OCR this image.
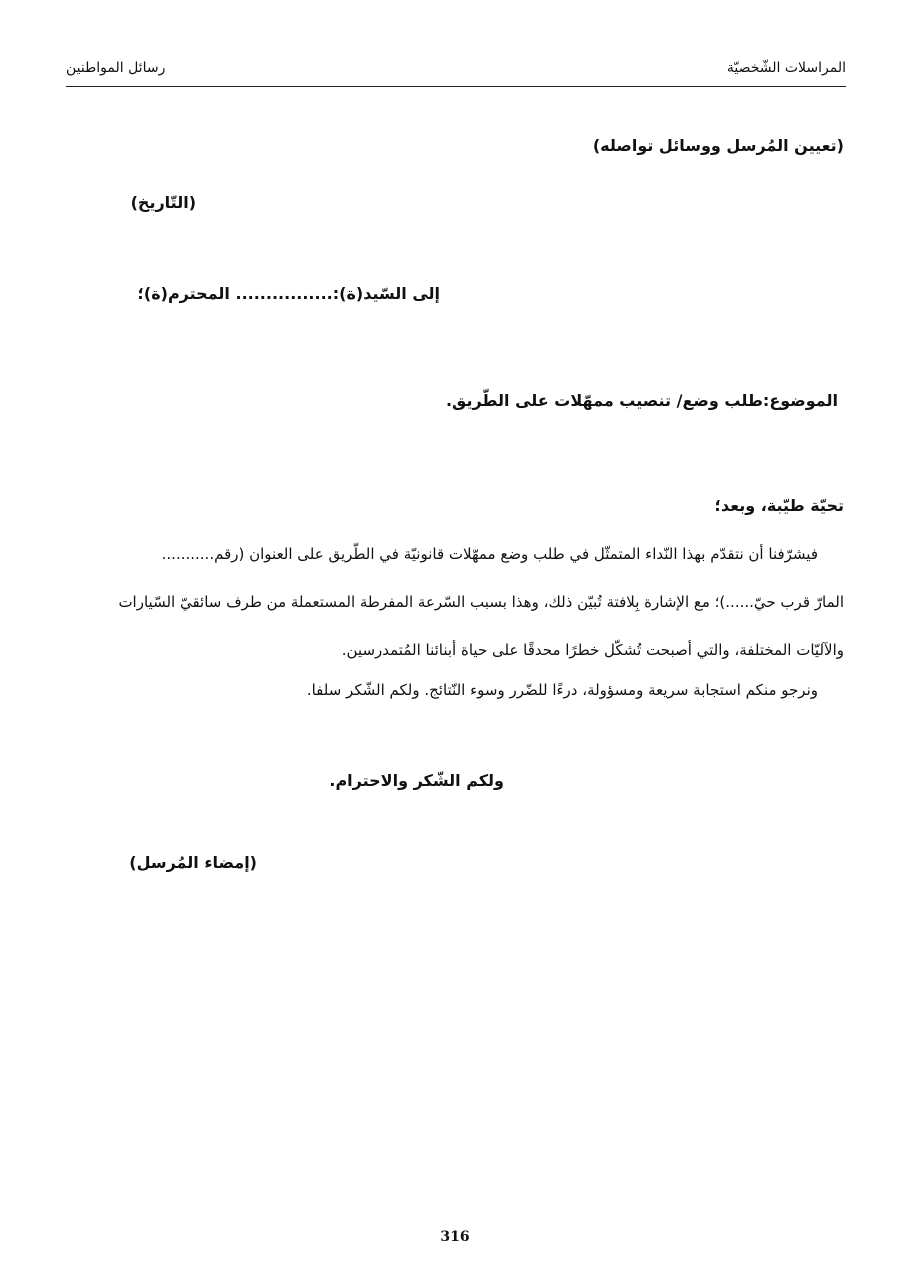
المراسلات الشّخصيّة
رسائل المواطنين
(تعيين المُرسل ووسائل تواصله)
(التّاريخ)
إلى السّيد(ة):................ المحترم(ة)؛
الموضوع:طلب وضع/ تنصيب ممهّلات على الطّريق.
تحيّة طيّبة، وبعد؛
فيشرّفنا أن نتقدّم بهذا النّداء المتمثّل في طلب وضع ممهّلات قانونيّة في الطّريق على العنوان (رقم...........
المارّ قرب حيّ......)؛ مع الإشارة بِلافتة تُبيّن ذلك، وهذا بسبب السّرعة المفرطة المستعملة من طرف سائقيّ السّيارات
والآليّات المختلفة، والتي أصبحت تُشكّل خطرًا محدقًا على حياة أبنائنا المُتمدرسين.
ونرجو منكم استجابة سريعة ومسؤولة، درءًا للضّرر وسوء النّتائج. ولكم الشّكر سلفا.
ولكم الشّكر والاحترام.
(إمضاء المُرسل)
316
